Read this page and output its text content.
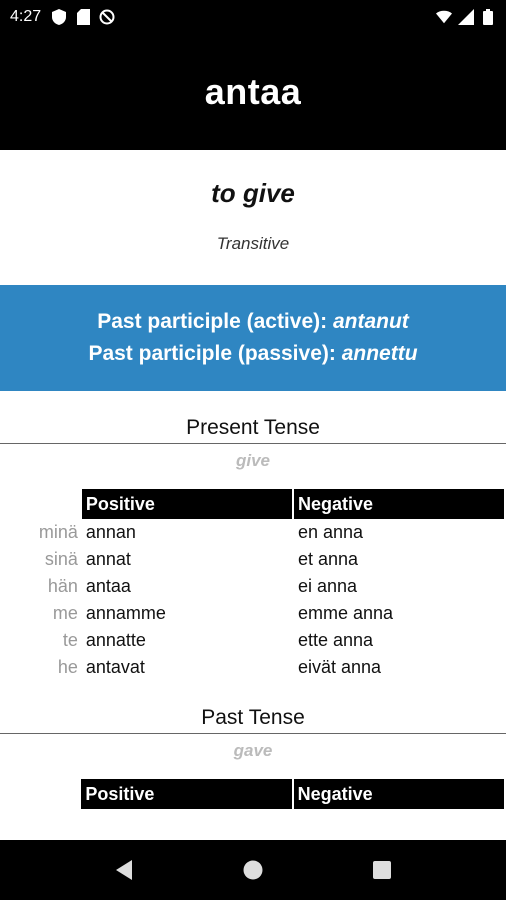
4:27
antaa
to give
Transitive
Past participle (active): antanut
Past participle (passive): annettu
Present Tense
give
	Positive	Negative
minä	annan	en anna
sinä	annat	et anna
hän	antaa	ei anna
me	annamme	emme anna
te	annatte	ette anna
he	antavat	eivät anna
Past Tense
gave
	Positive	Negative
